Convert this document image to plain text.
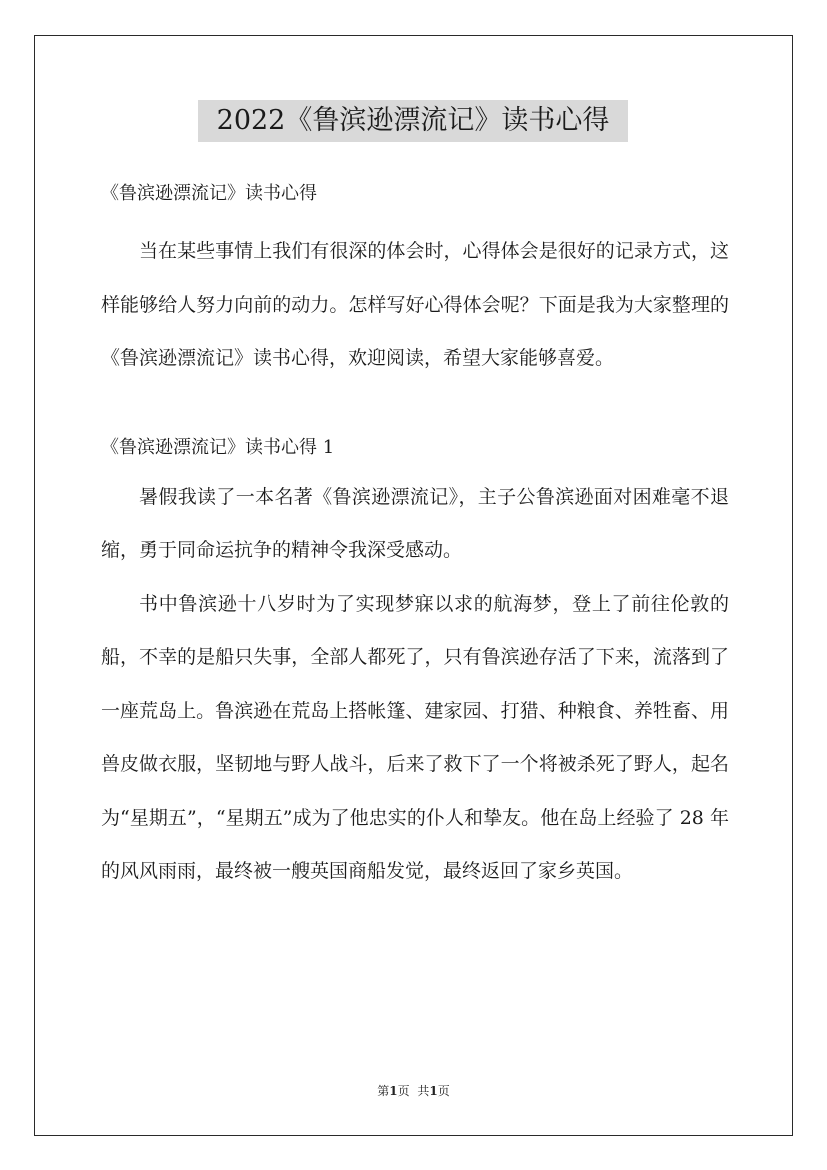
2022《鲁滨逊漂流记》读书心得

《鲁滨逊漂流记》读书心得

当在某些事情上我们有很深的体会时，心得体会是很好的记录方式，这样能够给人努力向前的动力。怎样写好心得体会呢？下面是我为大家整理的《鲁滨逊漂流记》读书心得，欢迎阅读，希望大家能够喜爱。

《鲁滨逊漂流记》读书心得 1

暑假我读了一本名著《鲁滨逊漂流记》，主子公鲁滨逊面对困难毫不退缩，勇于同命运抗争的精神令我深受感动。

书中鲁滨逊十八岁时为了实现梦寐以求的航海梦，登上了前往伦敦的船，不幸的是船只失事，全部人都死了，只有鲁滨逊存活了下来，流落到了一座荒岛上。鲁滨逊在荒岛上搭帐篷、建家园、打猎、种粮食、养牲畜、用兽皮做衣服，坚韧地与野人战斗，后来了救下了一个将被杀死了野人，起名为“星期五”，“星期五”成为了他忠实的仆人和挚友。他在岛上经验了 28 年的风风雨雨，最终被一艘英国商船发觉，最终返回了家乡英国。

第1页 共1页
